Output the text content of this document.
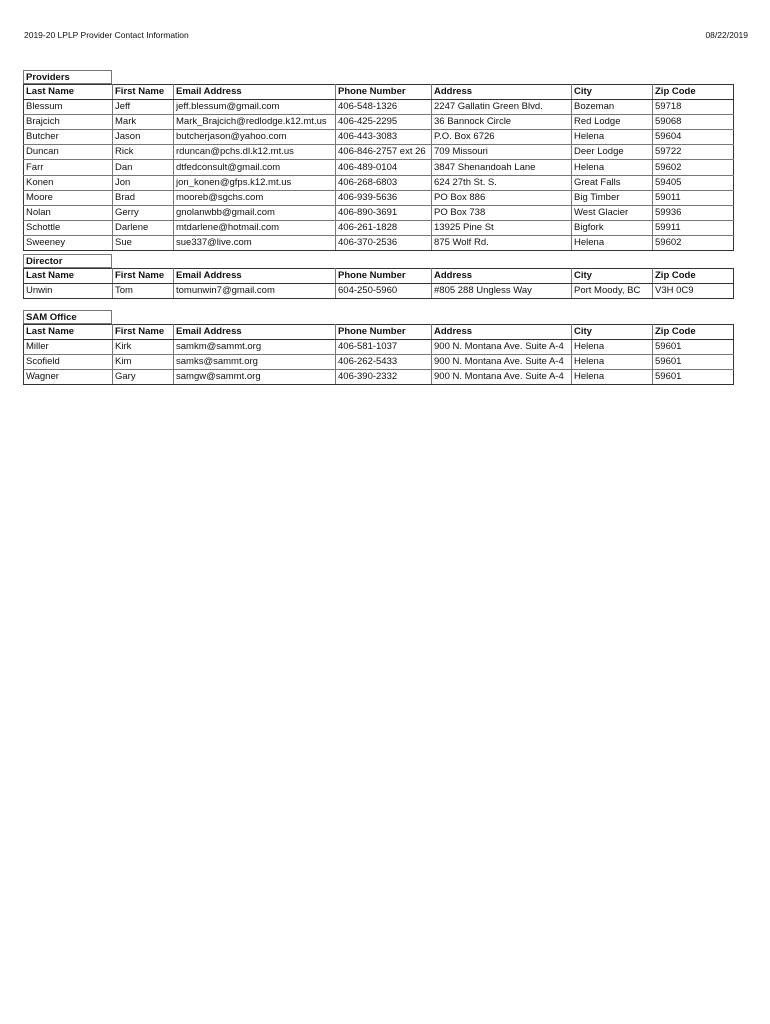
2019-20 LPLP Provider Contact Information	08/22/2019
Providers
Last Name	First Name	Email Address	Phone Number	Address	City	Zip Code
Blessum	Jeff	jeff.blessum@gmail.com	406-548-1326	2247 Gallatin Green Blvd.	Bozeman	59718
Brajcich	Mark	Mark_Brajcich@redlodge.k12.mt.us	406-425-2295	36 Bannock Circle	Red Lodge	59068
Butcher	Jason	butcherjason@yahoo.com	406-443-3083	P.O. Box 6726	Helena	59604
Duncan	Rick	rduncan@pchs.dl.k12.mt.us	406-846-2757 ext 26	709 Missouri	Deer Lodge	59722
Farr	Dan	dtfedconsult@gmail.com	406-489-0104	3847 Shenandoah Lane	Helena	59602
Konen	Jon	jon_konen@gfps.k12.mt.us	406-268-6803	624 27th St. S.	Great Falls	59405
Moore	Brad	mooreb@sgchs.com	406-939-5636	PO Box 886	Big Timber	59011
Nolan	Gerry	gnolanwbb@gmail.com	406-890-3691	PO Box 738	West Glacier	59936
Schottle	Darlene	mtdarlene@hotmail.com	406-261-1828	13925 Pine St	Bigfork	59911
Sweeney	Sue	sue337@live.com	406-370-2536	875 Wolf Rd.	Helena	59602
Director
Last Name	First Name	Email Address	Phone Number	Address	City	Zip Code
Unwin	Tom	tomunwin7@gmail.com	604-250-5960	#805 288 Ungless Way	Port Moody, BC	V3H 0C9
SAM Office
Last Name	First Name	Email Address	Phone Number	Address	City	Zip Code
Miller	Kirk	samkm@sammt.org	406-581-1037	900 N. Montana Ave. Suite A-4	Helena	59601
Scofield	Kim	samks@sammt.org	406-262-5433	900 N. Montana Ave. Suite A-4	Helena	59601
Wagner	Gary	samgw@sammt.org	406-390-2332	900 N. Montana Ave. Suite A-4	Helena	59601
